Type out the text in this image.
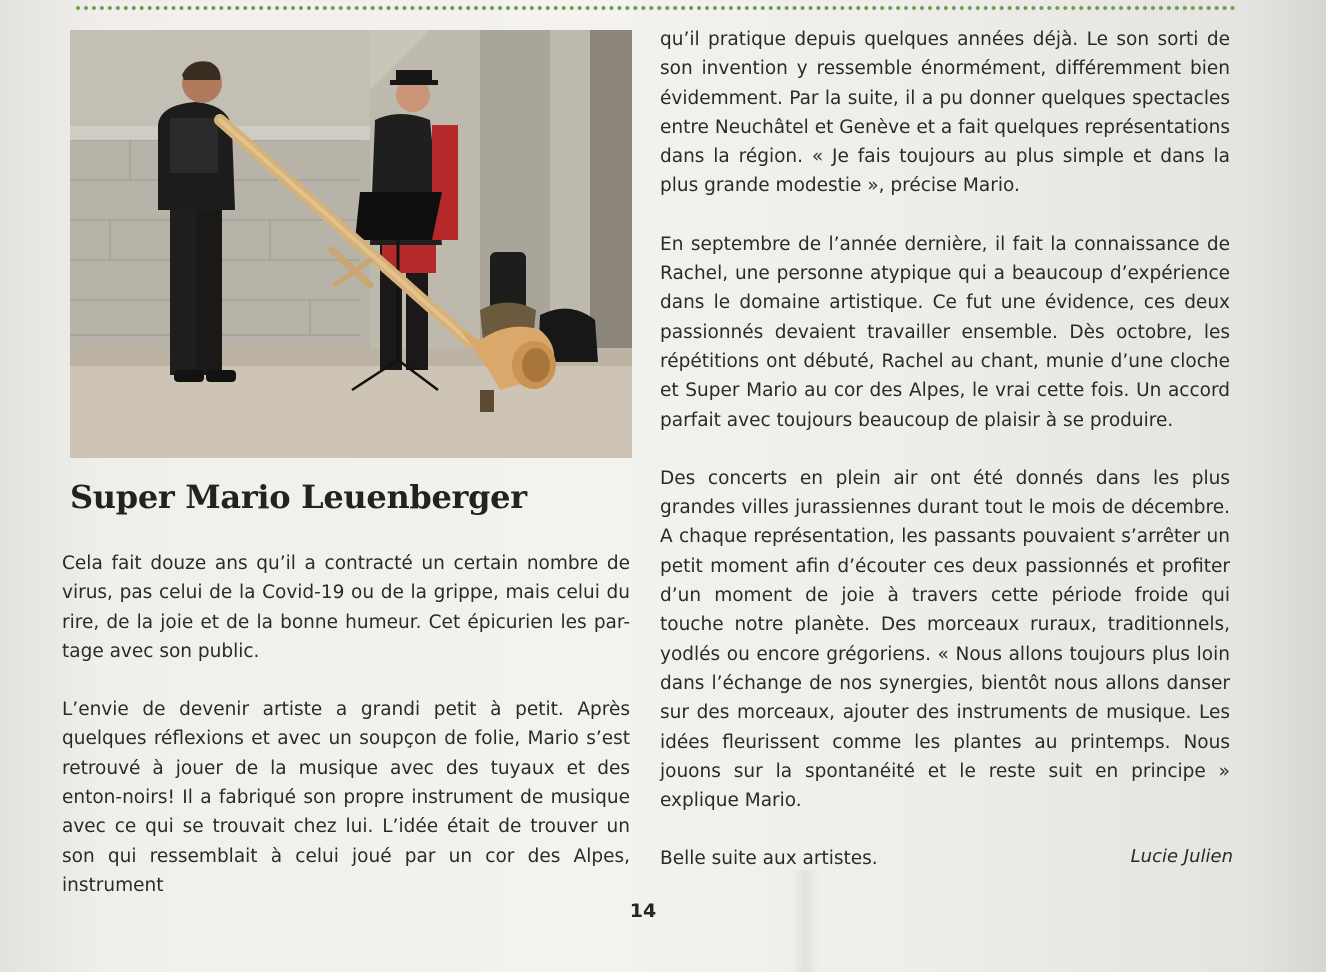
Super Mario Leuenberger

Cela fait douze ans qu’il a contracté un certain nombre de virus, pas celui de la Covid-19 ou de la grippe, mais celui du rire, de la joie et de la bonne humeur. Cet épicurien les par-tage avec son public.

L’envie de devenir artiste a grandi petit à petit. Après quelques réflexions et avec un soupçon de folie, Mario s’est retrouvé à jouer de la musique avec des tuyaux et des enton-noirs! Il a fabriqué son propre instrument de musique avec ce qui se trouvait chez lui. L’idée était de trouver un son qui ressemblait à celui joué par un cor des Alpes, instrument

qu’il pratique depuis quelques années déjà. Le son sorti de son invention y ressemble énormément, différemment bien évidemment. Par la suite, il a pu donner quelques spectacles entre Neuchâtel et Genève et a fait quelques représentations dans la région. « Je fais toujours au plus simple et dans la plus grande modestie », précise Mario.

En septembre de l’année dernière, il fait la connaissance de Rachel, une personne atypique qui a beaucoup d’expérience dans le domaine artistique. Ce fut une évidence, ces deux passionnés devaient travailler ensemble. Dès octobre, les répétitions ont débuté, Rachel au chant, munie d’une cloche et Super Mario au cor des Alpes, le vrai cette fois. Un accord parfait avec toujours beaucoup de plaisir à se produire.

Des concerts en plein air ont été donnés dans les plus grandes villes jurassiennes durant tout le mois de décembre. A chaque représentation, les passants pouvaient s’arrêter un petit moment afin d’écouter ces deux passionnés et profiter d’un moment de joie à travers cette période froide qui touche notre planète. Des morceaux ruraux, traditionnels, yodlés ou encore grégoriens. « Nous allons toujours plus loin dans l’échange de nos synergies, bientôt nous allons danser sur des morceaux, ajouter des instruments de musique. Les idées fleurissent comme les plantes au printemps. Nous jouons sur la spontanéité et le reste suit en principe » explique Mario.

Belle suite aux artistes.	Lucie Julien
14
